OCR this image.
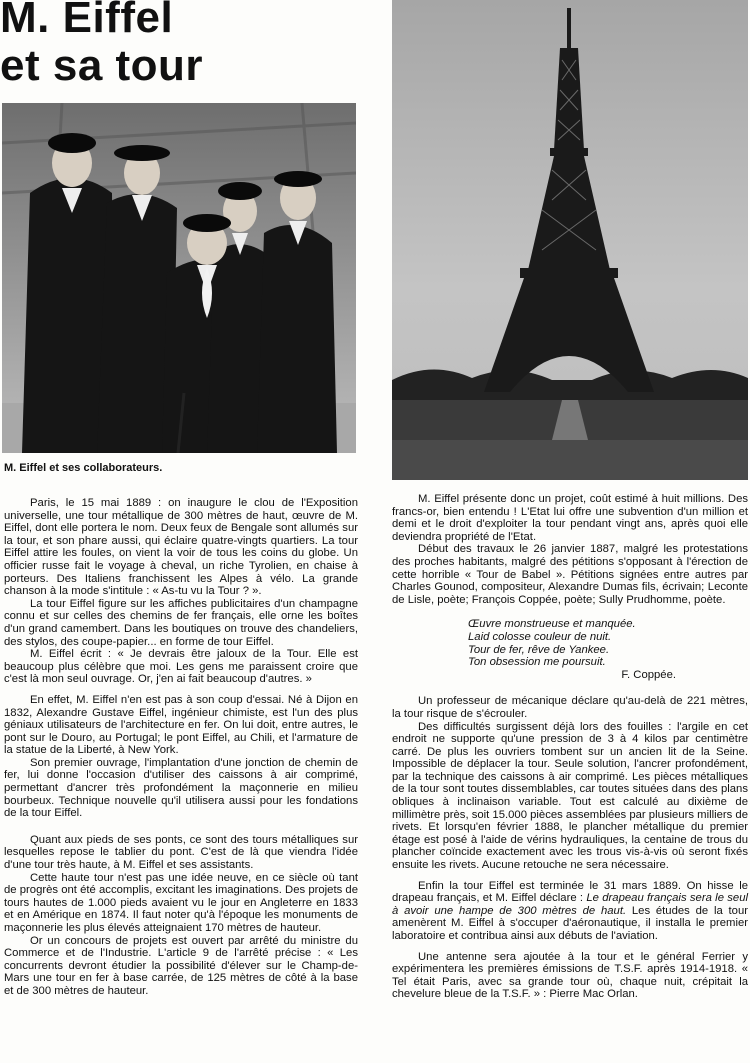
M. Eiffel
et sa tour

M. Eiffel et ses collaborateurs.

Paris, le 15 mai 1889 : on inaugure le clou de l'Exposition universelle, une tour métallique de 300 mètres de haut, œuvre de M. Eiffel, dont elle portera le nom. Deux feux de Bengale sont allumés sur la tour, et son phare aussi, qui éclaire quatre-vingts quartiers. La tour Eiffel attire les foules, on vient la voir de tous les coins du globe. Un officier russe fait le voyage à cheval, un riche Tyrolien, en chaise à porteurs. Des Italiens franchissent les Alpes à vélo. La grande chanson à la mode s'intitule : « As-tu vu la Tour ? ».

La tour Eiffel figure sur les affiches publicitaires d'un champagne connu et sur celles des chemins de fer français, elle orne les boîtes d'un grand camembert. Dans les boutiques on trouve des chandeliers, des stylos, des coupe-papier... en forme de tour Eiffel.

M. Eiffel écrit : « Je devrais être jaloux de la Tour. Elle est beaucoup plus célèbre que moi. Les gens me paraissent croire que c'est là mon seul ouvrage. Or, j'en ai fait beaucoup d'autres. »

En effet, M. Eiffel n'en est pas à son coup d'essai. Né à Dijon en 1832, Alexandre Gustave Eiffel, ingénieur chimiste, est l'un des plus géniaux utilisateurs de l'architecture en fer. On lui doit, entre autres, le pont sur le Douro, au Portugal; le pont Eiffel, au Chili, et l'armature de la statue de la Liberté, à New York.

Son premier ouvrage, l'implantation d'une jonction de chemin de fer, lui donne l'occasion d'utiliser des caissons à air comprimé, permettant d'ancrer très profondément la maçonnerie en milieu bourbeux. Technique nouvelle qu'il utilisera aussi pour les fondations de la tour Eiffel.

Quant aux pieds de ses ponts, ce sont des tours métalliques sur lesquelles repose le tablier du pont. C'est de là que viendra l'idée d'une tour très haute, à M. Eiffel et ses assistants.

Cette haute tour n'est pas une idée neuve, en ce siècle où tant de progrès ont été accomplis, excitant les imaginations. Des projets de tours hautes de 1.000 pieds avaient vu le jour en Angleterre en 1833 et en Amérique en 1874. Il faut noter qu'à l'époque les monuments de maçonnerie les plus élevés atteignaient 170 mètres de hauteur.

Or un concours de projets est ouvert par arrêté du ministre du Commerce et de l'Industrie. L'article 9 de l'arrêté précise : « Les concurrents devront étudier la possibilité d'élever sur le Champ-de-Mars une tour en fer à base carrée, de 125 mètres de côté à la base et de 300 mètres de hauteur.

M. Eiffel présente donc un projet, coût estimé à huit millions. Des francs-or, bien entendu ! L'Etat lui offre une subvention d'un million et demi et le droit d'exploiter la tour pendant vingt ans, après quoi elle deviendra propriété de l'Etat.

Début des travaux le 26 janvier 1887, malgré les protestations des proches habitants, malgré des pétitions s'opposant à l'érection de cette horrible « Tour de Babel ». Pétitions signées entre autres par Charles Gounod, compositeur, Alexandre Dumas fils, écrivain; Leconte de Lisle, poète; François Coppée, poète; Sully Prudhomme, poète.

Œuvre monstrueuse et manquée.
Laid colosse couleur de nuit.
Tour de fer, rêve de Yankee.
Ton obsession me poursuit.
F. Coppée.

Un professeur de mécanique déclare qu'au-delà de 221 mètres, la tour risque de s'écrouler.

Des difficultés surgissent déjà lors des fouilles : l'argile en cet endroit ne supporte qu'une pression de 3 à 4 kilos par centimètre carré. De plus les ouvriers tombent sur un ancien lit de la Seine. Impossible de déplacer la tour. Seule solution, l'ancrer profondément, par la technique des caissons à air comprimé. Les pièces métalliques de la tour sont toutes dissemblables, car toutes situées dans des plans obliques à inclinaison variable. Tout est calculé au dixième de millimètre près, soit 15.000 pièces assemblées par plusieurs milliers de rivets. Et lorsqu'en février 1888, le plancher métallique du premier étage est posé à l'aide de vérins hydrauliques, la centaine de trous du plancher coïncide exactement avec les trous vis-à-vis où seront fixés ensuite les rivets. Aucune retouche ne sera nécessaire.

Enfin la tour Eiffel est terminée le 31 mars 1889. On hisse le drapeau français, et M. Eiffel déclare : Le drapeau français sera le seul à avoir une hampe de 300 mètres de haut. Les études de la tour amenèrent M. Eiffel à s'occuper d'aéronautique, il installa le premier laboratoire et contribua ainsi aux débuts de l'aviation.

Une antenne sera ajoutée à la tour et le général Ferrier y expérimentera les premières émissions de T.S.F. après 1914-1918. « Tel était Paris, avec sa grande tour où, chaque nuit, crépitait la chevelure bleue de la T.S.F. » : Pierre Mac Orlan.
